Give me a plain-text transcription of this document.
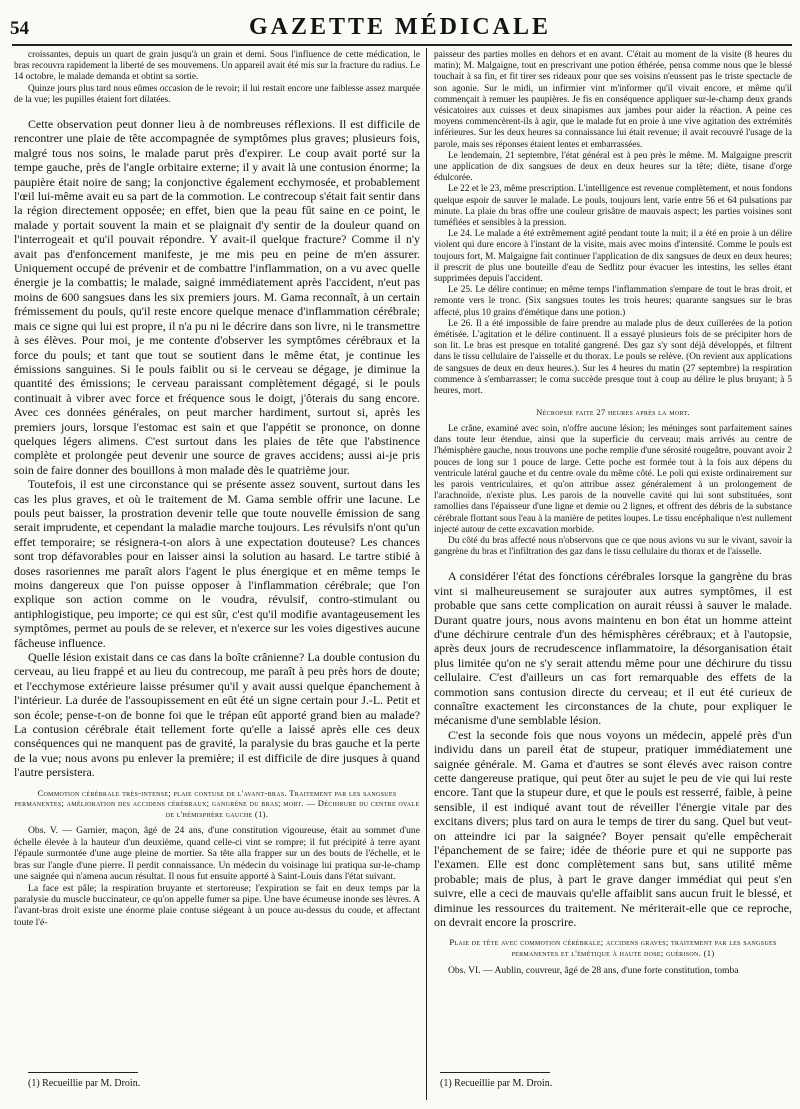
54	GAZETTE MÉDICALE

croissantes, depuis un quart de grain jusqu'à un grain et demi. Sous l'influence de cette médication, le bras recouvra rapidement la liberté de ses mouvemens. Un appareil avait été mis sur la fracture du radius. Le 14 octobre, le malade demanda et obtint sa sortie.

Quinze jours plus tard nous eûmes occasion de le revoir; il lui restait encore une faiblesse assez marquée de la vue; les pupilles étaient fort dilatées.

Cette observation peut donner lieu à de nombreuses réflexions. Il est difficile de rencontrer une plaie de tête accompagnée de symptômes plus graves; plusieurs fois, malgré tous nos soins, le malade parut près d'expirer. Le coup avait porté sur la tempe gauche, près de l'angle orbitaire externe; il y avait là une contusion énorme; la paupière était noire de sang; la conjonctive également ecchymosée, et probablement l'œil lui-même avait eu sa part de la commotion. Le contrecoup s'était fait sentir dans la région directement opposée; en effet, bien que la peau fût saine en ce point, le malade y portait souvent la main et se plaignait d'y sentir de la douleur quand on l'interrogeait et qu'il pouvait répondre. Y avait-il quelque fracture? Comme il n'y avait pas d'enfoncement manifeste, je me mis peu en peine de m'en assurer. Uniquement occupé de prévenir et de combattre l'inflammation, on a vu avec quelle énergie je la combattis; le malade, saigné immédiatement après l'accident, n'eut pas moins de 600 sangsues dans les six premiers jours. M. Gama reconnaît, à un certain frémissement du pouls, qu'il reste encore quelque menace d'inflammation cérébrale; mais ce signe qui lui est propre, il n'a pu ni le décrire dans son livre, ni le transmettre à ses élèves. Pour moi, je me contente d'observer les symptômes cérébraux et la force du pouls; et tant que tout se soutient dans le même état, je continue les émissions sanguines. Si le pouls faiblit ou si le cerveau se dégage, je diminue la quantité des émissions; le cerveau paraissant complètement dégagé, si le pouls continuait à vibrer avec force et fréquence sous le doigt, j'ôterais du sang encore. Avec ces données générales, on peut marcher hardiment, surtout si, après les premiers jours, lorsque l'estomac est sain et que l'appétit se prononce, on donne quelques légers alimens. C'est surtout dans les plaies de tête que l'abstinence complète et prolongée peut devenir une source de graves accidens; aussi ai-je pris soin de faire donner des bouillons à mon malade dès le quatrième jour.

Toutefois, il est une circonstance qui se présente assez souvent, surtout dans les cas les plus graves, et où le traitement de M. Gama semble offrir une lacune. Le pouls peut baisser, la prostration devenir telle que toute nouvelle émission de sang serait imprudente, et cependant la maladie marche toujours. Les révulsifs n'ont qu'un effet temporaire; se résignera-t-on alors à une expectation douteuse? Les chances sont trop défavorables pour en laisser ainsi la solution au hasard. Le tartre stibié à doses rasoriennes me paraît alors l'agent le plus énergique et en même temps le moins dangereux que l'on puisse opposer à l'inflammation cérébrale; que l'on explique son action comme on le voudra, révulsif, contro-stimulant ou antiphlogistique, peu importe; ce qui est sûr, c'est qu'il modifie avantageusement les symptômes, permet au pouls de se relever, et n'exerce sur les voies digestives aucune fâcheuse influence.

Quelle lésion existait dans ce cas dans la boîte crânienne? La double contusion du cerveau, au lieu frappé et au lieu du contrecoup, me paraît à peu près hors de doute; et l'ecchymose extérieure laisse présumer qu'il y avait aussi quelque épanchement à l'intérieur. La durée de l'assoupissement en eût été un signe certain pour J.-L. Petit et son école; pense-t-on de bonne foi que le trépan eût apporté grand bien au malade? La contusion cérébrale était tellement forte qu'elle a laissé après elle ces deux conséquences qui ne manquent pas de gravité, la paralysie du bras gauche et la perte de la vue; nous avons pu enlever la première; il est difficile de dire jusques à quand l'autre persistera.

Commotion cérébrale très-intense; plaie contuse de l'avant-bras. Traitement par les sangsues permanentes; amélioration des accidens cérébraux; gangrène du bras; mort. — Déchirure du centre ovale de l'hémisphère gauche (1).

Obs. V. — Garnier, maçon, âgé de 24 ans, d'une constitution vigoureuse, était au sommet d'une échelle élevée à la hauteur d'un deuxième, quand celle-ci vint se rompre; il fut précipité à terre ayant l'épaule surmontée d'une auge pleine de mortier. Sa tête alla frapper sur un des bouts de l'échelle, et le bras sur l'angle d'une pierre. Il perdit connaissance. Un médecin du voisinage lui pratiqua sur-le-champ une saignée qui n'amena aucun résultat. Il nous fut ensuite apporté à Saint-Louis dans l'état suivant.

La face est pâle; la respiration bruyante et stertoreuse; l'expiration se fait en deux temps par la paralysie du muscle buccinateur, ce qu'on appelle fumer sa pipe. Une bave écumeuse inonde ses lèvres. A l'avant-bras droit existe une énorme plaie contuse siégeant à un pouce au-dessus du coude, et affectant toute l'é-

paisseur des parties molles en dehors et en avant. C'était au moment de la visite (8 heures du matin); M. Malgaigne, tout en prescrivant une potion éthérée, pensa comme nous que le blessé touchait à sa fin, et fit tirer ses rideaux pour que ses voisins n'eussent pas le triste spectacle de son agonie. Sur le midi, un infirmier vint m'informer qu'il vivait encore, et même qu'il commençait à remuer les paupières. Je fis en conséquence appliquer sur-le-champ deux grands vésicatoires aux cuisses et deux sinapismes aux jambes pour aider la réaction. A peine ces moyens commencèrent-ils à agir, que le malade fut en proie à une vive agitation des extrémités inférieures. Sur les deux heures sa connaissance lui était revenue; il avait recouvré l'usage de la parole, mais ses réponses étaient lentes et embarrassées.

Le lendemain, 21 septembre, l'état général est à peu près le même. M. Malgaigne prescrit une application de dix sangsues de deux en deux heures sur la tête; diète, tisane d'orge édulcorée.

Le 22 et le 23, même prescription. L'intelligence est revenue complètement, et nous fondons quelque espoir de sauver le malade. Le pouls, toujours lent, varie entre 56 et 64 pulsations par minute. La plaie du bras offre une couleur grisâtre de mauvais aspect; les parties voisines sont tuméfiées et sensibles à la pression.

Le 24. Le malade a été extrêmement agité pendant toute la nuit; il a été en proie à un délire violent qui dure encore à l'instant de la visite, mais avec moins d'intensité. Comme le pouls est toujours fort, M. Malgaigne fait continuer l'application de dix sangsues de deux en deux heures; il prescrit de plus une bouteille d'eau de Sedlitz pour évacuer les intestins, les selles étant supprimées depuis l'accident.

Le 25. Le délire continue; en même temps l'inflammation s'empare de tout le bras droit, et remonte vers le tronc. (Six sangsues toutes les trois heures; quarante sangsues sur le bras affecté, plus 10 grains d'émétique dans une potion.)

Le 26. Il a été impossible de faire prendre au malade plus de deux cuillerées de la potion émétisée. L'agitation et le délire continuent. Il a essayé plusieurs fois de se précipiter hors de son lit. Le bras est presque en totalité gangrené. Des gaz s'y sont déjà développés, et filtrent dans le tissu cellulaire de l'aisselle et du thorax. Le pouls se relève. (On revient aux applications de sangsues de deux en deux heures.). Sur les 4 heures du matin (27 septembre) la respiration commence à s'embarrasser; le coma succède presque tout à coup au délire le plus bruyant; à 5 heures, mort.

Nécropsie faite 27 heures après la mort.

Le crâne, examiné avec soin, n'offre aucune lésion; les méninges sont parfaitement saines dans toute leur étendue, ainsi que la superficie du cerveau; mais arrivés au centre de l'hémisphère gauche, nous trouvons une poche remplie d'une sérosité rougeâtre, pouvant avoir 2 pouces de long sur 1 pouce de large. Cette poche est formée tout à la fois aux dépens du ventricule latéral gauche et du centre ovale du même côté. Le poli qui existe ordinairement sur les parois ventriculaires, et qu'on attribue assez généralement à un prolongement de l'arachnoïde, n'existe plus. Les parois de la nouvelle cavité qui lui sont substituées, sont ramollies dans l'épaisseur d'une ligne et demie ou 2 lignes, et offrent des débris de la substance cérébrale flottant sous l'eau à la manière de petites loupes. Le tissu encéphalique n'est nullement injecté autour de cette excavation morbide.

Du côté du bras affecté nous n'observons que ce que nous avions vu sur le vivant, savoir la gangrène du bras et l'infiltration des gaz dans le tissu cellulaire du thorax et de l'aisselle.

A considérer l'état des fonctions cérébrales lorsque la gangrène du bras vint si malheureusement se surajouter aux autres symptômes, il est probable que sans cette complication on aurait réussi à sauver le malade. Durant quatre jours, nous avons maintenu en bon état un homme atteint d'une déchirure centrale d'un des hémisphères cérébraux; et à l'autopsie, après deux jours de recrudescence inflammatoire, la désorganisation était plus limitée qu'on ne s'y serait attendu même pour une déchirure du tissu cellulaire. C'est d'ailleurs un cas fort remarquable des effets de la commotion sans contusion directe du cerveau; et il eut été curieux de connaître exactement les circonstances de la chute, pour expliquer le mécanisme d'une semblable lésion.

C'est la seconde fois que nous voyons un médecin, appelé près d'un individu dans un pareil état de stupeur, pratiquer immédiatement une saignée générale. M. Gama et d'autres se sont élevés avec raison contre cette dangereuse pratique, qui peut ôter au sujet le peu de vie qui lui reste encore. Tant que la stupeur dure, et que le pouls est resserré, faible, à peine sensible, il est indiqué avant tout de réveiller l'énergie vitale par des excitans divers; plus tard on aura le temps de tirer du sang. Quel but veut-on atteindre ici par la saignée? Boyer pensait qu'elle empêcherait l'épanchement de se faire; idée de théorie pure et qui ne supporte pas l'examen. Elle est donc complètement sans but, sans utilité même probable; mais de plus, à part le grave danger immédiat qui peut s'en suivre, elle a ceci de mauvais qu'elle affaiblit sans aucun fruit le blessé, et diminue les ressources du traitement. Ne mériterait-elle que ce reproche, on devrait encore la proscrire.

Plaie de tête avec commotion cérébrale; accidens graves; traitement par les sangsues permanentes et l'émétique à haute dose; guérison. (1)

Obs. VI. — Aublin, couvreur, âgé de 28 ans, d'une forte constitution, tomba

(1) Recueillie par M. Droin.	(1) Recueillie par M. Droin.
